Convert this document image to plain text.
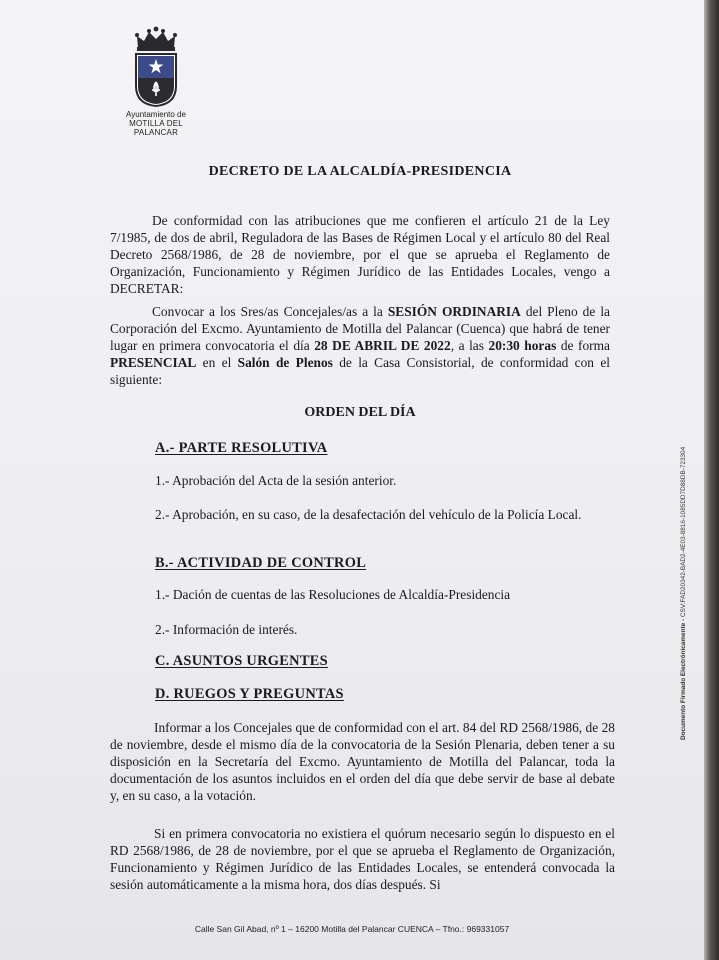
Ayuntamiento de
MOTILLA DEL PALANCAR
DECRETO DE LA ALCALDÍA-PRESIDENCIA
De conformidad con las atribuciones que me confieren el artículo 21 de la Ley 7/1985, de dos de abril, Reguladora de las Bases de Régimen Local y el artículo 80 del Real Decreto 2568/1986, de 28 de noviembre, por el que se aprueba el Reglamento de Organización, Funcionamiento y Régimen Jurídico de las Entidades Locales, vengo a DECRETAR:
Convocar a los Sres/as Concejales/as a la SESIÓN ORDINARIA del Pleno de la Corporación del Excmo. Ayuntamiento de Motilla del Palancar (Cuenca) que habrá de tener lugar en primera convocatoria el día 28 DE ABRIL DE 2022, a las 20:30 horas de forma PRESENCIAL en el Salón de Plenos de la Casa Consistorial, de conformidad con el siguiente:
ORDEN DEL DÍA
A.- PARTE RESOLUTIVA
1.- Aprobación del Acta de la sesión anterior.
2.- Aprobación, en su caso, de la desafectación del vehículo de la Policía Local.
B.- ACTIVIDAD DE CONTROL
1.- Dación de cuentas de las Resoluciones de Alcaldía-Presidencia
2.- Información de interés.
C. ASUNTOS URGENTES
D. RUEGOS Y PREGUNTAS
Informar a los Concejales que de conformidad con el art. 84 del RD 2568/1986, de 28 de noviembre, desde el mismo día de la convocatoria de la Sesión Plenaria, deben tener a su disposición en la Secretaría del Excmo. Ayuntamiento de Motilla del Palancar, toda la documentación de los asuntos incluidos en el orden del día que debe servir de base al debate y, en su caso, a la votación.
Si en primera convocatoria no existiera el quórum necesario según lo dispuesto en el RD 2568/1986, de 28 de noviembre, por el que se aprueba el Reglamento de Organización, Funcionamiento y Régimen Jurídico de las Entidades Locales, se entenderá convocada la sesión automáticamente a la misma hora, dos días después. Si
Documento Firmado Electrónicamente - CSV:FAD20342-BAD2-4E03-8816-1085DD7D88DB-723304
Calle San Gil Abad, nº 1 – 16200 Motilla del Palancar CUENCA – Tfno.: 969331057
